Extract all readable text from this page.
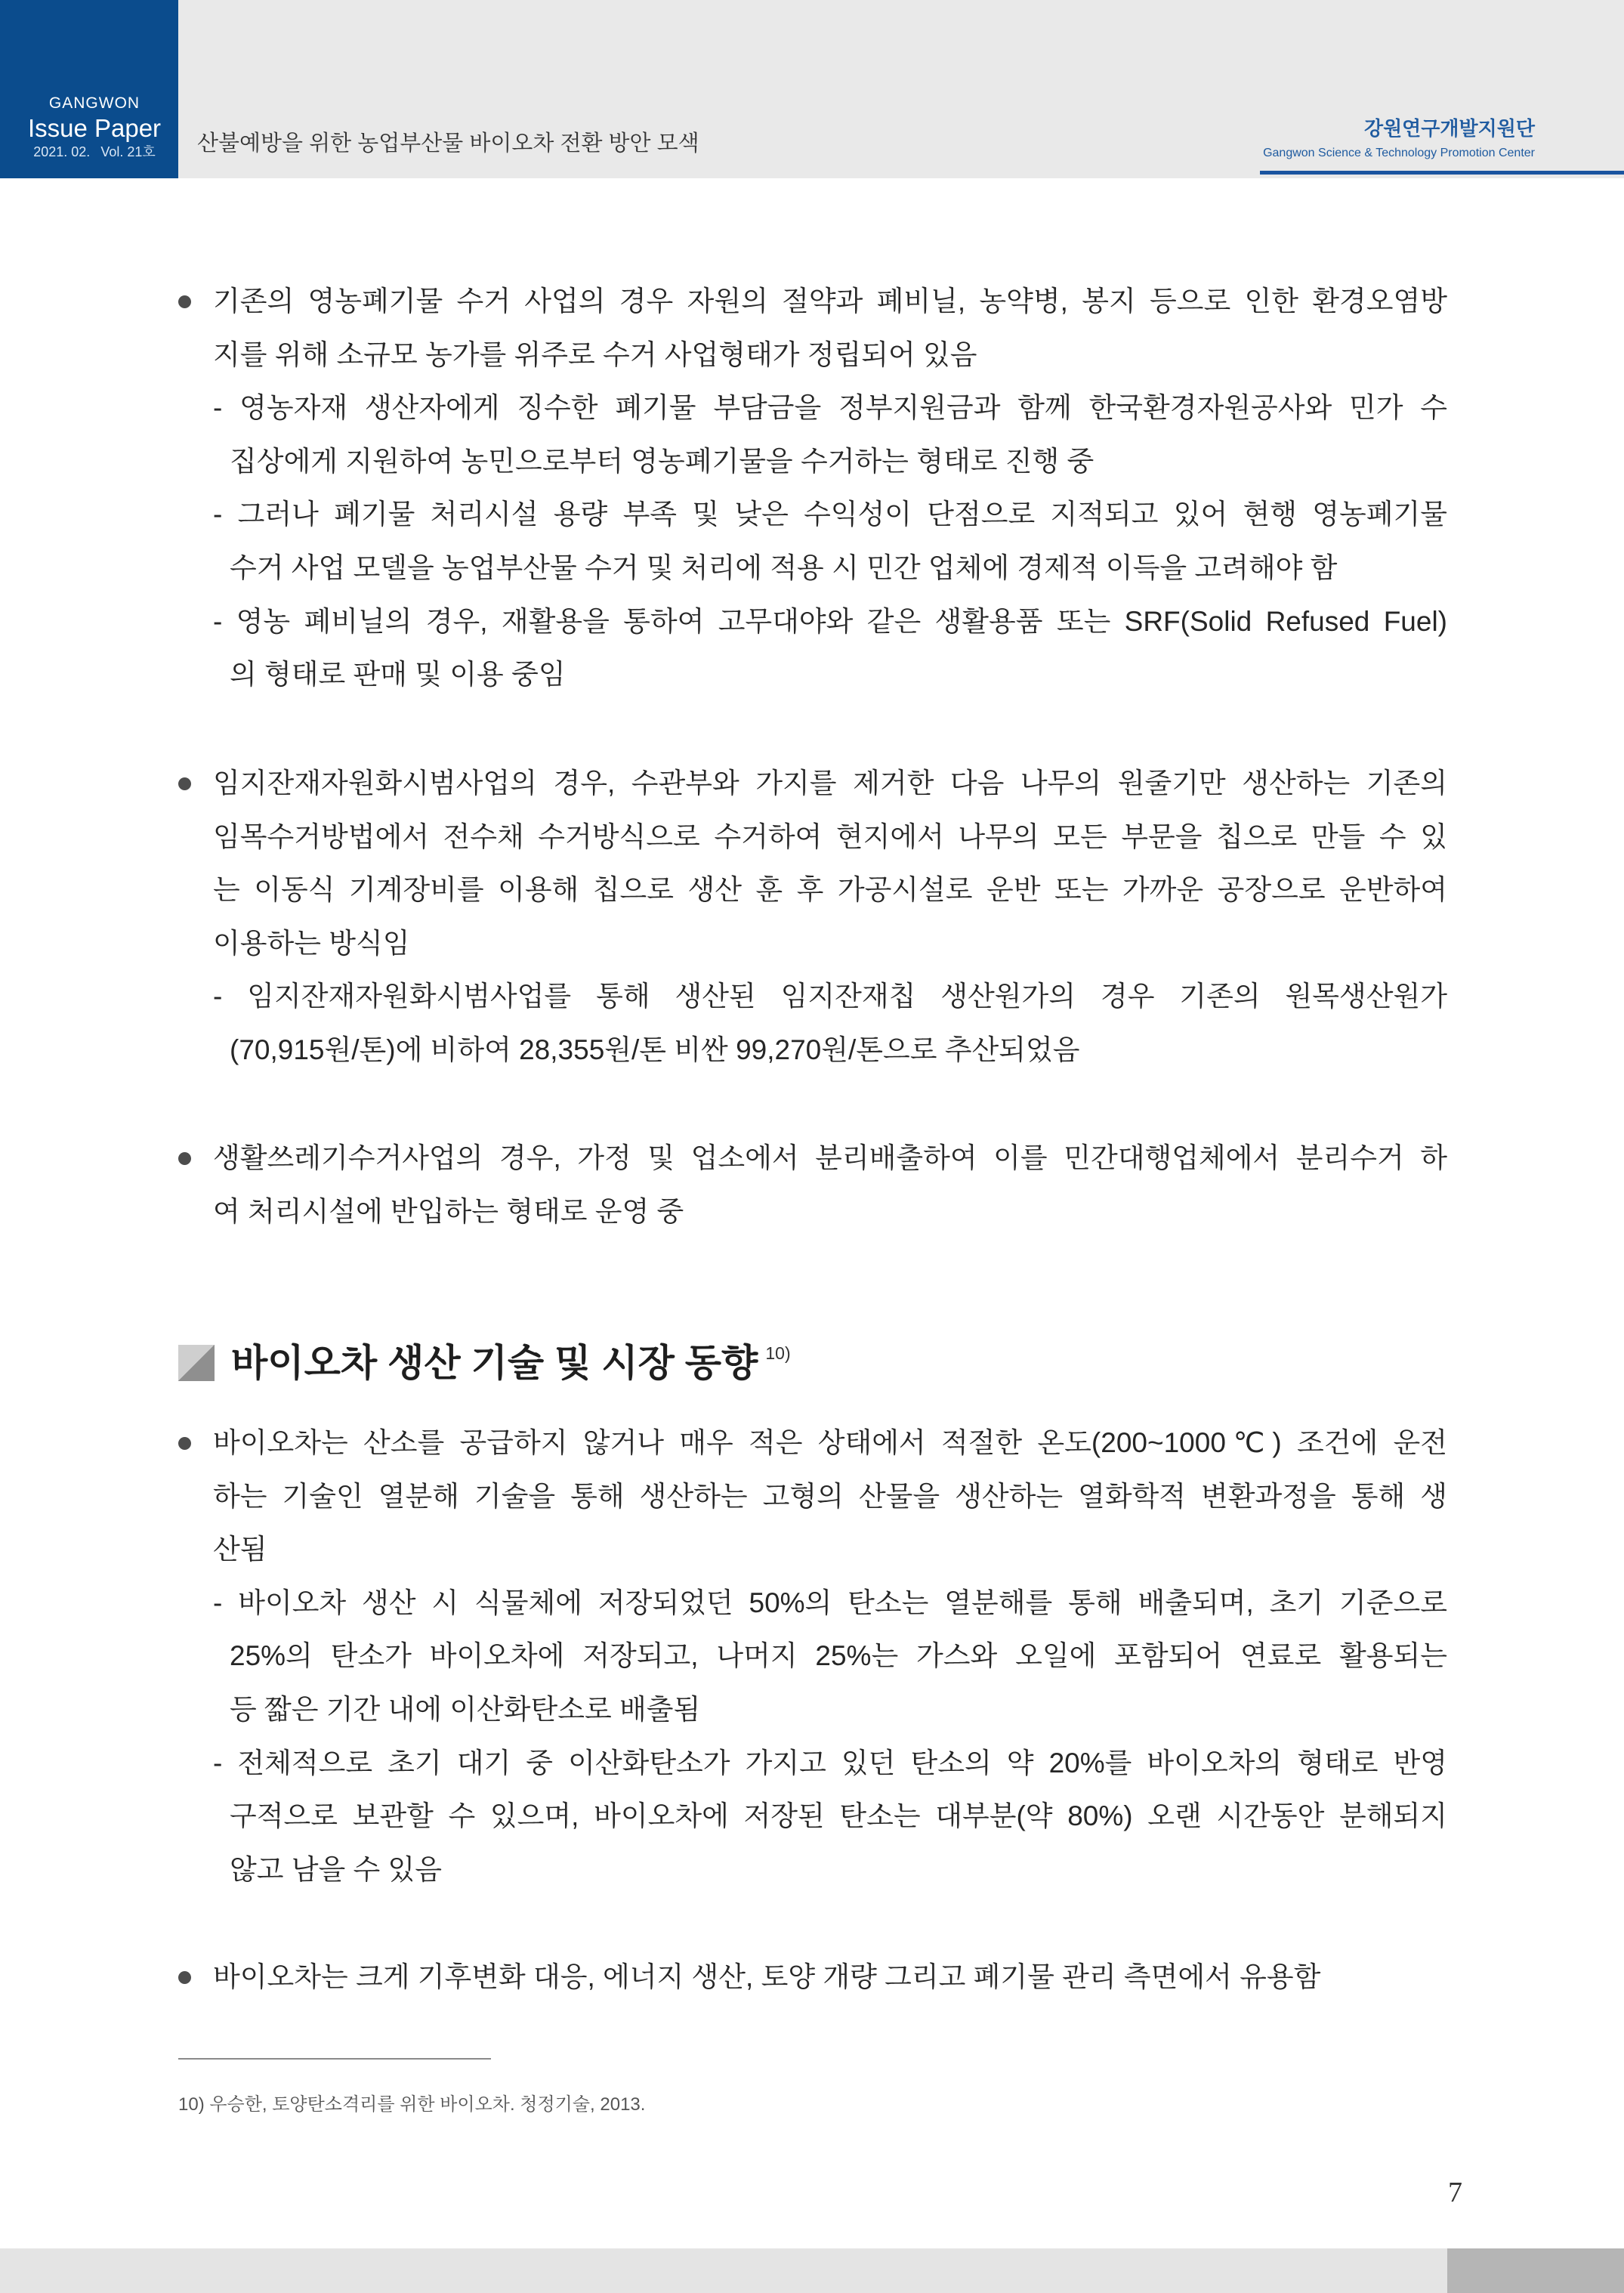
GANGWON
Issue Paper
2021. 02. Vol. 21호	산불예방을 위한 농업부산물 바이오차 전환 방안 모색
강원연구개발지원단
Gangwon Science & Technology Promotion Center
기존의 영농폐기물 수거 사업의 경우 자원의 절약과 폐비닐, 농약병, 봉지 등으로 인한 환경오염방
지를 위해 소규모 농가를 위주로 수거 사업형태가 정립되어 있음
- 영농자재 생산자에게 징수한 폐기물 부담금을 정부지원금과 함께 한국환경자원공사와 민가 수
집상에게 지원하여 농민으로부터 영농폐기물을 수거하는 형태로 진행 중
- 그러나 폐기물 처리시설 용량 부족 및 낮은 수익성이 단점으로 지적되고 있어 현행 영농폐기물
수거 사업 모델을 농업부산물 수거 및 처리에 적용 시 민간 업체에 경제적 이득을 고려해야 함
- 영농 폐비닐의 경우, 재활용을 통하여 고무대야와 같은 생활용품 또는 SRF(Solid Refused Fuel)
의 형태로 판매 및 이용 중임
임지잔재자원화시범사업의 경우, 수관부와 가지를 제거한 다음 나무의 원줄기만 생산하는 기존의
임목수거방법에서 전수채 수거방식으로 수거하여 현지에서 나무의 모든 부문을 칩으로 만들 수 있
는 이동식 기계장비를 이용해 칩으로 생산 훈 후 가공시설로 운반 또는 가까운 공장으로 운반하여
이용하는 방식임
- 임지잔재자원화시범사업를 통해 생산된 임지잔재칩 생산원가의 경우 기존의 원목생산원가
(70,915원/톤)에 비하여 28,355원/톤 비싼 99,270원/톤으로 추산되었음
생활쓰레기수거사업의 경우, 가정 및 업소에서 분리배출하여 이를 민간대행업체에서 분리수거 하
여 처리시설에 반입하는 형태로 운영 중
바이오차 생산 기술 및 시장 동향 $^{10)}$
바이오차는 산소를 공급하지 않거나 매우 적은 상태에서 적절한 온도(200~1000℃) 조건에 운전
하는 기술인 열분해 기술을 통해 생산하는 고형의 산물을 생산하는 열화학적 변환과정을 통해 생
산됨
- 바이오차 생산 시 식물체에 저장되었던 50%의 탄소는 열분해를 통해 배출되며, 초기 기준으로
25%의 탄소가 바이오차에 저장되고, 나머지 25%는 가스와 오일에 포함되어 연료로 활용되는
등 짧은 기간 내에 이산화탄소로 배출됨
- 전체적으로 초기 대기 중 이산화탄소가 가지고 있던 탄소의 약 20%를 바이오차의 형태로 반영
구적으로 보관할 수 있으며, 바이오차에 저장된 탄소는 대부분(약 80%) 오랜 시간동안 분해되지
않고 남을 수 있음
바이오차는 크게 기후변화 대응, 에너지 생산, 토양 개량 그리고 폐기물 관리 측면에서 유용함
10) 우승한, 토양탄소격리를 위한 바이오차. 청정기술, 2013.
7
